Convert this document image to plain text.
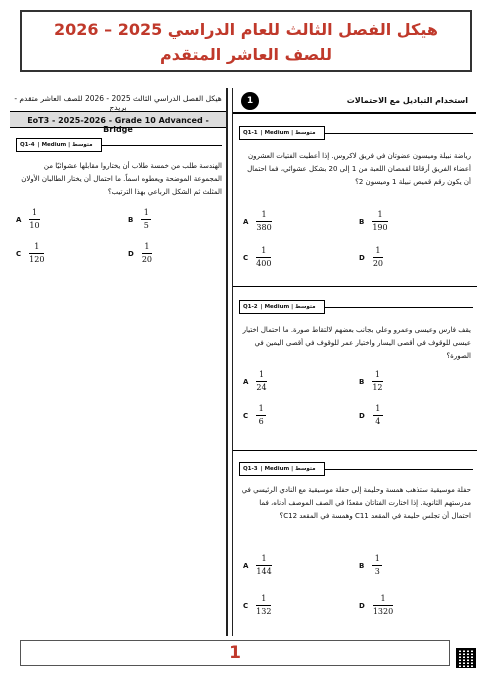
هيكل الفصل الثالث للعام الدراسي 2025 – 2026
للصف العاشر المتقدم
هيكل الفصل الدراسي الثالث 2025 - 2026 للصف العاشر متقدم - بريدج
EoT3 - 2025-2026 - Grade 10 Advanced - Bridge
Q1-4 | Medium | متوسط
الهندسة طلب من خمسة طلاب أن يختاروا مقابلها عشوائيًا من المجموعة الموضحة ويعطوه اسماً. ما احتمال أن يختار الطالبان الأولان المثلث ثم الشكل الرباعي بهذا الترتيب؟
A $\frac{1}{10}$	B $\frac{1}{5}$
C $\frac{1}{120}$	D $\frac{1}{20}$
استخدام التباديل مع الاحتمالات
1
Q1-1 | Medium | متوسط
رياضة نبيلة وميسون عضوتان في فريق لاكروس. إذا أعطيت الفتيات العشرون أعضاء الفريق أرقامًا لقمصان اللعبة من 1 إلى 20 بشكل عشوائي، فما احتمال أن يكون رقم قميص نبيلة 1 وميسون 2؟
A $\frac{1}{380}$	B $\frac{1}{190}$
C $\frac{1}{400}$	D $\frac{1}{20}$
Q1-2 | Medium | متوسط
يقف فارس وعيسى وعمرو وعلي بجانب بعضهم لالتقاط صورة. ما احتمال اختيار عيسى للوقوف في أقصى اليسار واختيار عمر للوقوف في أقصى اليمين في الصورة؟
A $\frac{1}{24}$	B $\frac{1}{12}$
C $\frac{1}{6}$	D $\frac{1}{4}$
Q1-3 | Medium | متوسط
حفلة موسيقية ستذهب همسة وحليمة إلى حفلة موسيقية مع النادي الرئيسي في مدرستهم الثانوية. إذا اختارت الفتاتان مقعدًا في الصف الموصف أدناه، فما احتمال أن تجلس حليمة في المقعد C11 وهمسة في المقعد C12؟
A $\frac{1}{144}$	B $\frac{1}{3}$
C $\frac{1}{132}$	D $\frac{1}{1320}$
1
